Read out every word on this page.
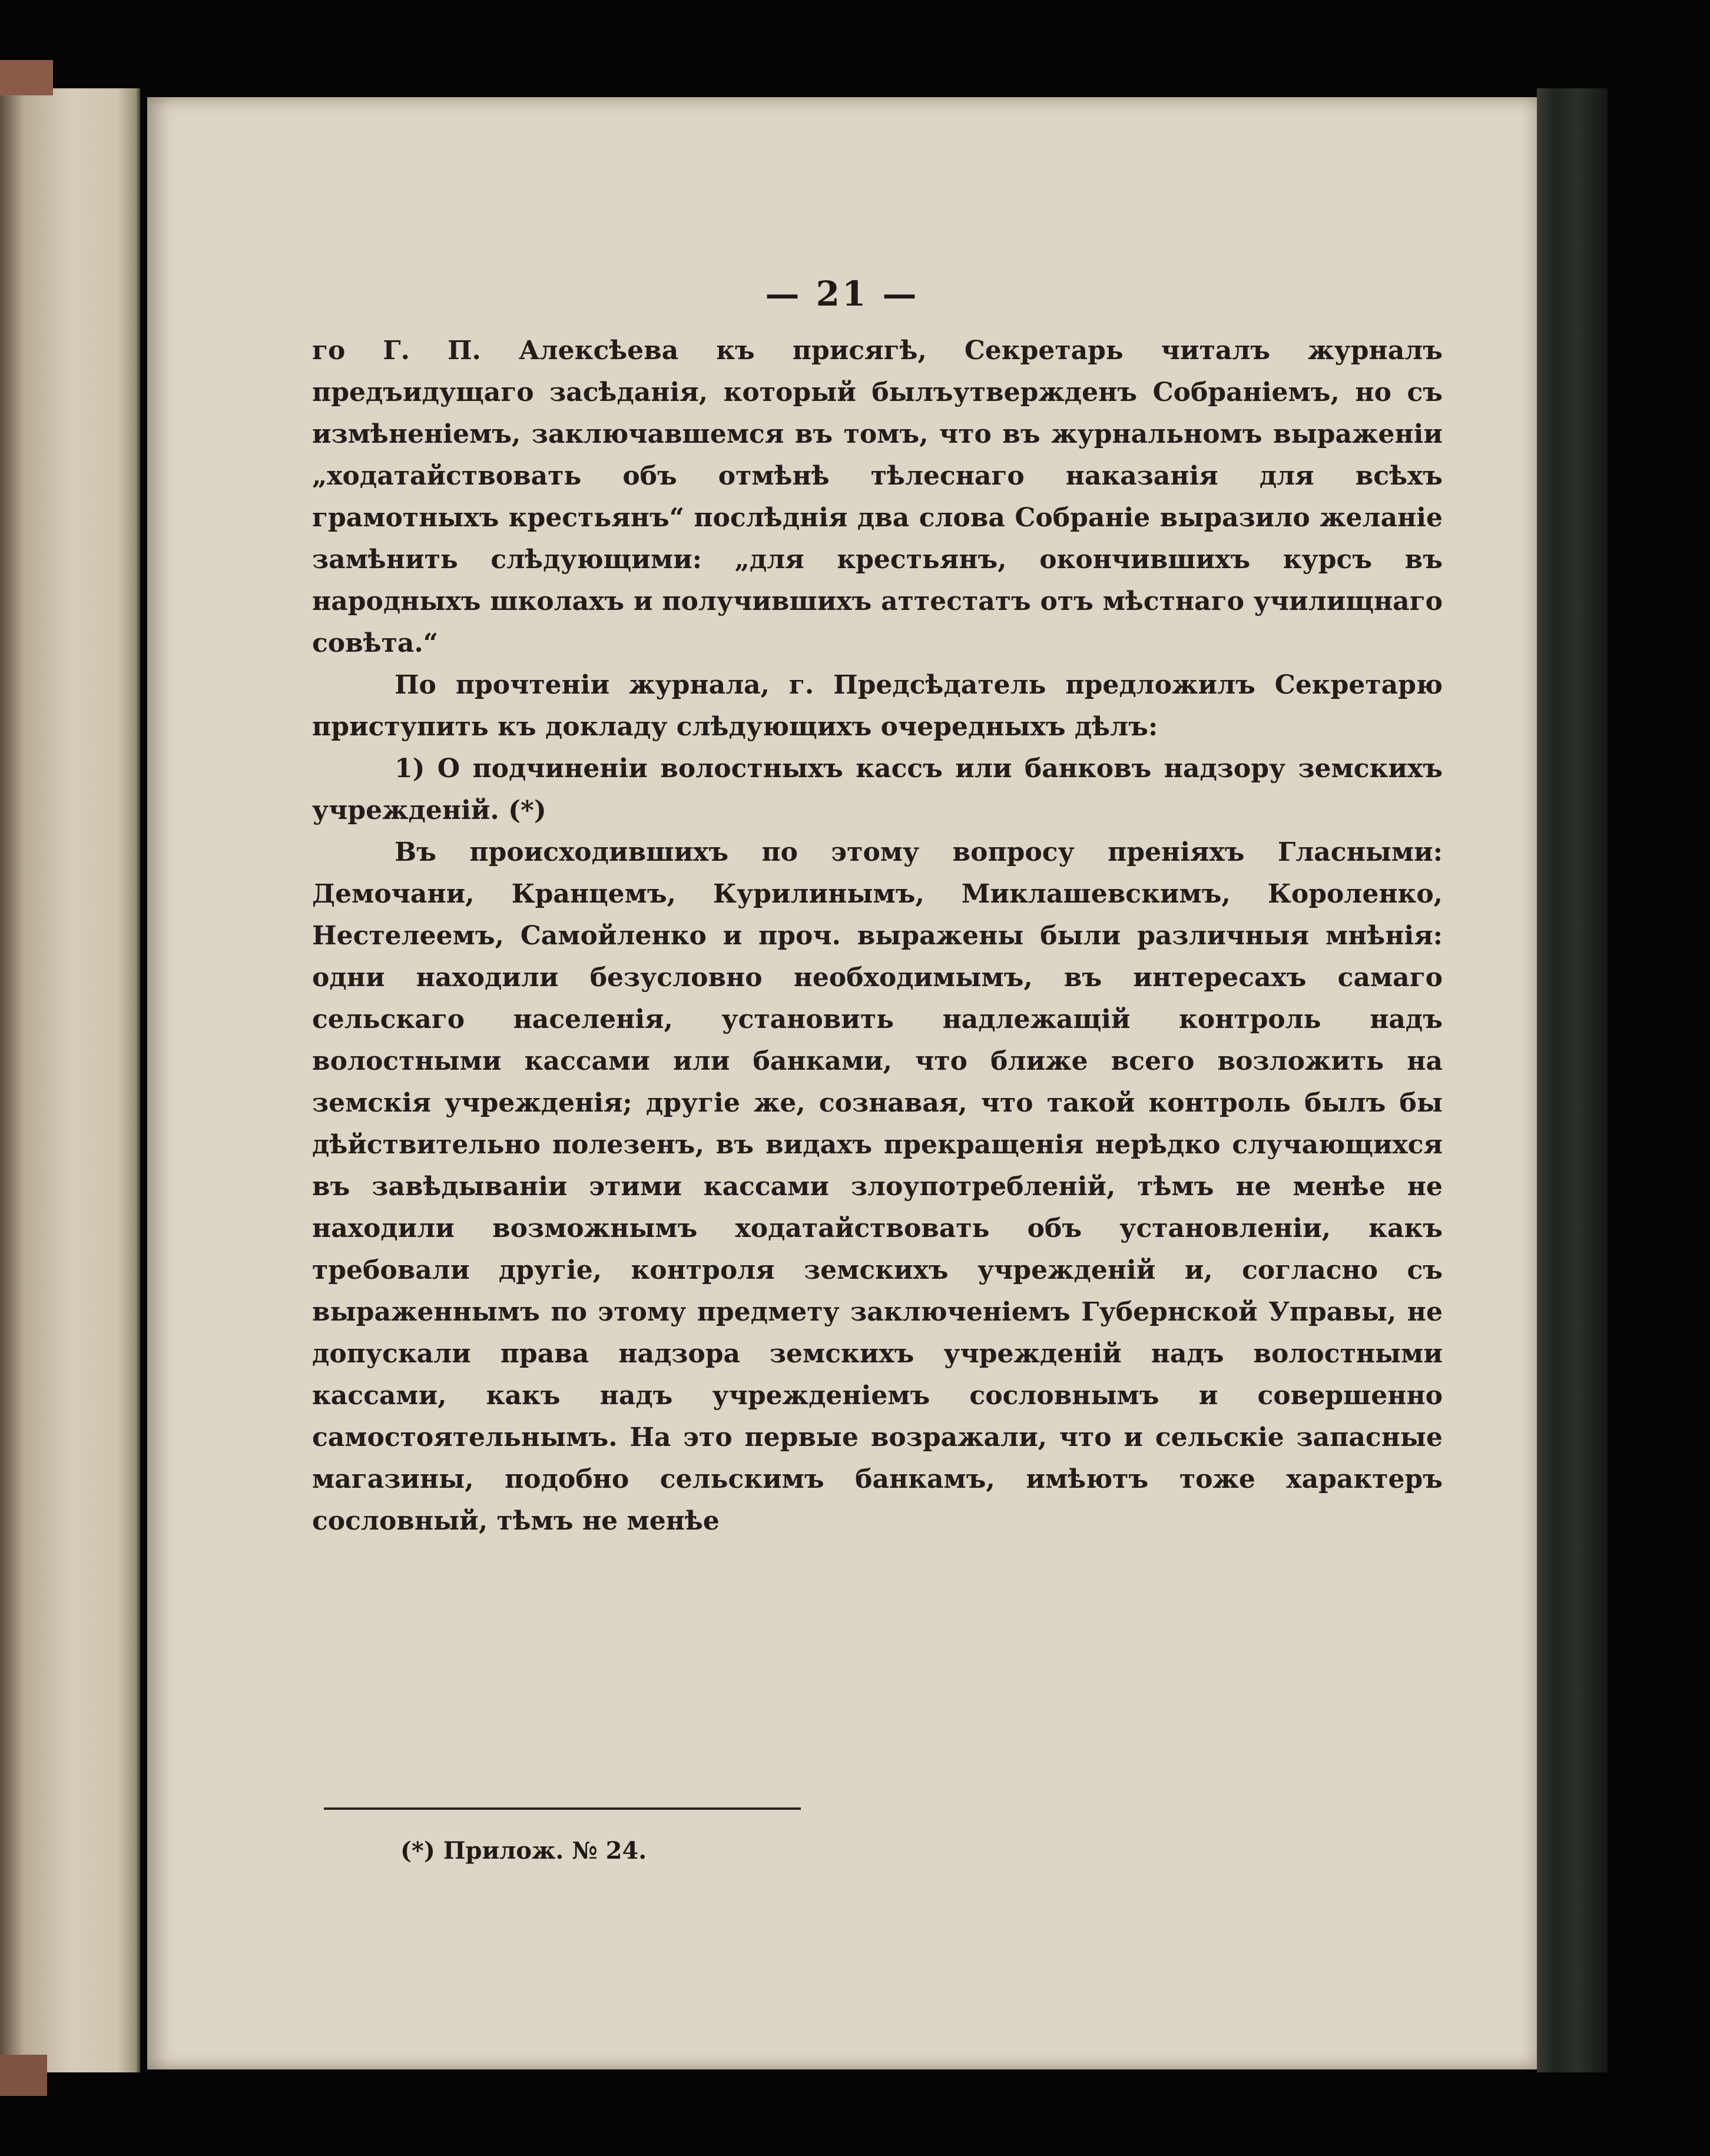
— 21 —

го Г. П. Алексѣева къ присягѣ, Секретарь читалъ журналъ предъидущаго засѣданія, который былъутвержденъ Собраніемъ, но съ измѣненіемъ, заключавшемся въ томъ, что въ журнальномъ выраженіи „ходатайствовать объ отмѣнѣ тѣлеснаго наказанія для всѣхъ грамотныхъ крестьянъ“ послѣднія два слова Собраніе выразило желаніе замѣнить слѣдующими: „для крестьянъ, окончившихъ курсъ въ народныхъ школахъ и получившихъ аттестатъ отъ мѣстнаго училищнаго совѣта.“

По прочтеніи журнала, г. Предсѣдатель предложилъ Секретарю приступить къ докладу слѣдующихъ очередныхъ дѣлъ:

1) О подчиненіи волостныхъ кассъ или банковъ надзору земскихъ учрежденій. (*)

Въ происходившихъ по этому вопросу преніяхъ Гласными: Демочани, Кранцемъ, Курилинымъ, Миклашевскимъ, Короленко, Нестелеемъ, Самойленко и проч. выражены были различныя мнѣнія: одни находили безусловно необходимымъ, въ интересахъ самаго сельскаго населенія, установить надлежащій контроль надъ волостными кассами или банками, что ближе всего возложить на земскія учрежденія; другіе же, сознавая, что такой контроль былъ бы дѣйствительно полезенъ, въ видахъ прекращенія нерѣдко случающихся въ завѣдываніи этими кассами злоупотребленій, тѣмъ не менѣе не находили возможнымъ ходатайствовать объ установленіи, какъ требовали другіе, контроля земскихъ учрежденій и, согласно съ выраженнымъ по этому предмету заключеніемъ Губернской Управы, не допускали права надзора земскихъ учрежденій надъ волостными кассами, какъ надъ учрежденіемъ сословнымъ и совершенно самостоятельнымъ. На это первые возражали, что и сельскіе запасные магазины, подобно сельскимъ банкамъ, имѣютъ тоже характеръ сословный, тѣмъ не менѣе

(*) Прилож. № 24.
